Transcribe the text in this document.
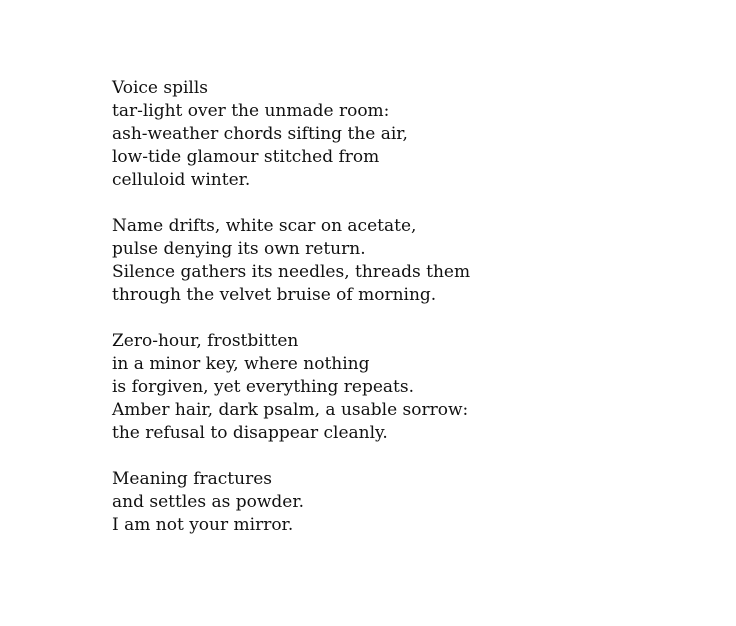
Voice spills
tar-light over the unmade room:
ash-weather chords sifting the air,
low-tide glamour stitched from
celluloid winter.
Name drifts, white scar on acetate,
pulse denying its own return.
Silence gathers its needles, threads them
through the velvet bruise of morning.
Zero-hour, frostbitten
in a minor key, where nothing
is forgiven, yet everything repeats.
Amber hair, dark psalm, a usable sorrow:
the refusal to disappear cleanly.
Meaning fractures
and settles as powder.
I am not your mirror.
